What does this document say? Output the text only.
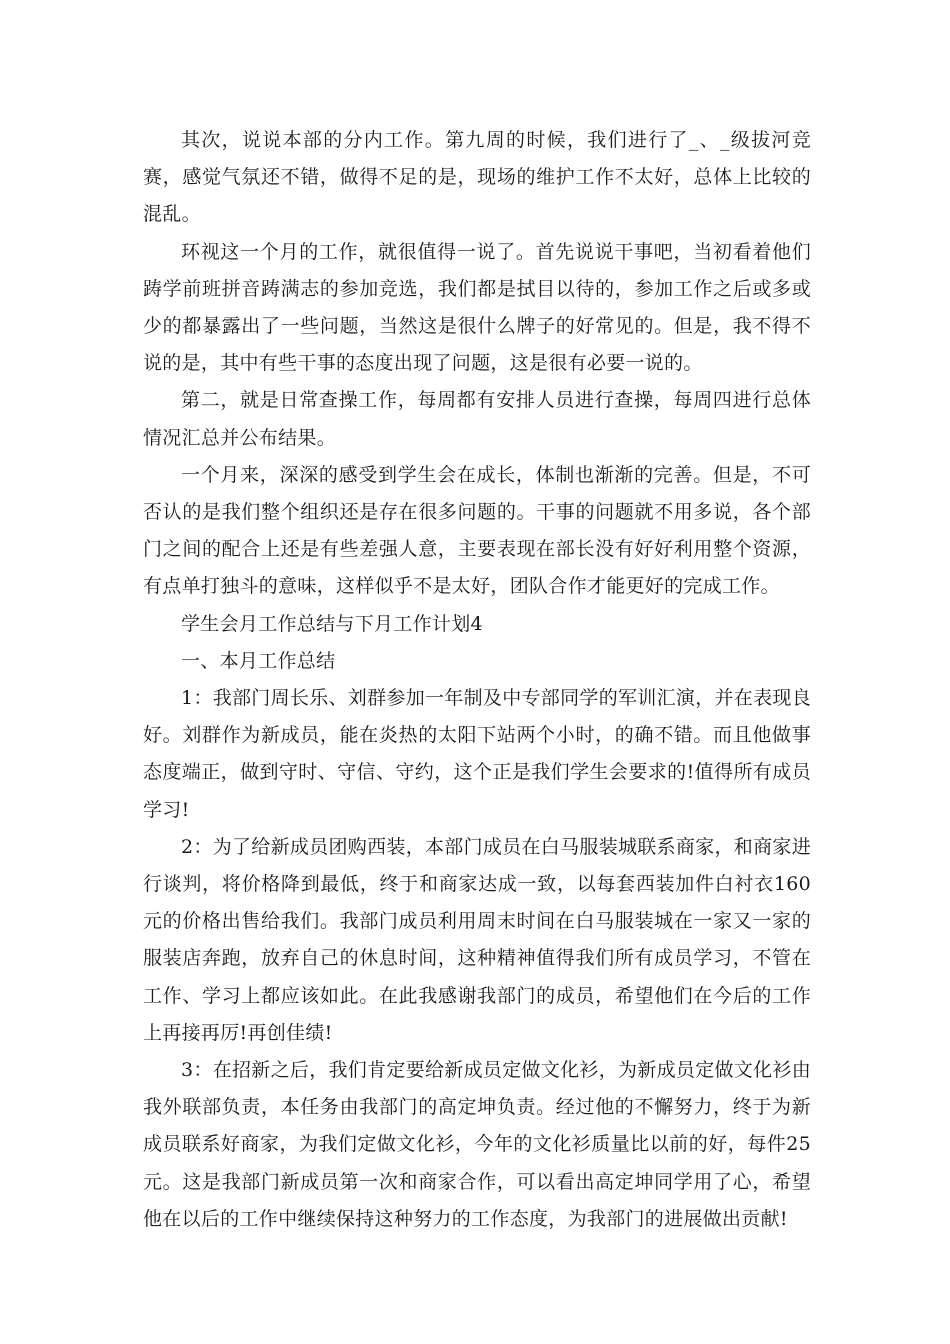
其次，说说本部的分内工作。第九周的时候，我们进行了_、_级拔河竞赛，感觉气氛还不错，做得不足的是，现场的维护工作不太好，总体上比较的混乱。

环视这一个月的工作，就很值得一说了。首先说说干事吧，当初看着他们踌学前班拼音踌满志的参加竞选，我们都是拭目以待的，参加工作之后或多或少的都暴露出了一些问题，当然这是很什么牌子的好常见的。但是，我不得不说的是，其中有些干事的态度出现了问题，这是很有必要一说的。

第二，就是日常查操工作，每周都有安排人员进行查操，每周四进行总体情况汇总并公布结果。

一个月来，深深的感受到学生会在成长，体制也渐渐的完善。但是，不可否认的是我们整个组织还是存在很多问题的。干事的问题就不用多说，各个部门之间的配合上还是有些差强人意，主要表现在部长没有好好利用整个资源，有点单打独斗的意味，这样似乎不是太好，团队合作才能更好的完成工作。

学生会月工作总结与下月工作计划4

一、本月工作总结

1：我部门周长乐、刘群参加一年制及中专部同学的军训汇演，并在表现良好。刘群作为新成员，能在炎热的太阳下站两个小时，的确不错。而且他做事态度端正，做到守时、守信、守约，这个正是我们学生会要求的!值得所有成员学习!

2：为了给新成员团购西装，本部门成员在白马服装城联系商家，和商家进行谈判，将价格降到最低，终于和商家达成一致，以每套西装加件白衬衣160元的价格出售给我们。我部门成员利用周末时间在白马服装城在一家又一家的服装店奔跑，放弃自己的休息时间，这种精神值得我们所有成员学习，不管在工作、学习上都应该如此。在此我感谢我部门的成员，希望他们在今后的工作上再接再厉!再创佳绩!

3：在招新之后，我们肯定要给新成员定做文化衫，为新成员定做文化衫由我外联部负责，本任务由我部门的高定坤负责。经过他的不懈努力，终于为新成员联系好商家，为我们定做文化衫，今年的文化衫质量比以前的好，每件25元。这是我部门新成员第一次和商家合作，可以看出高定坤同学用了心，希望他在以后的工作中继续保持这种努力的工作态度，为我部门的进展做出贡献!
